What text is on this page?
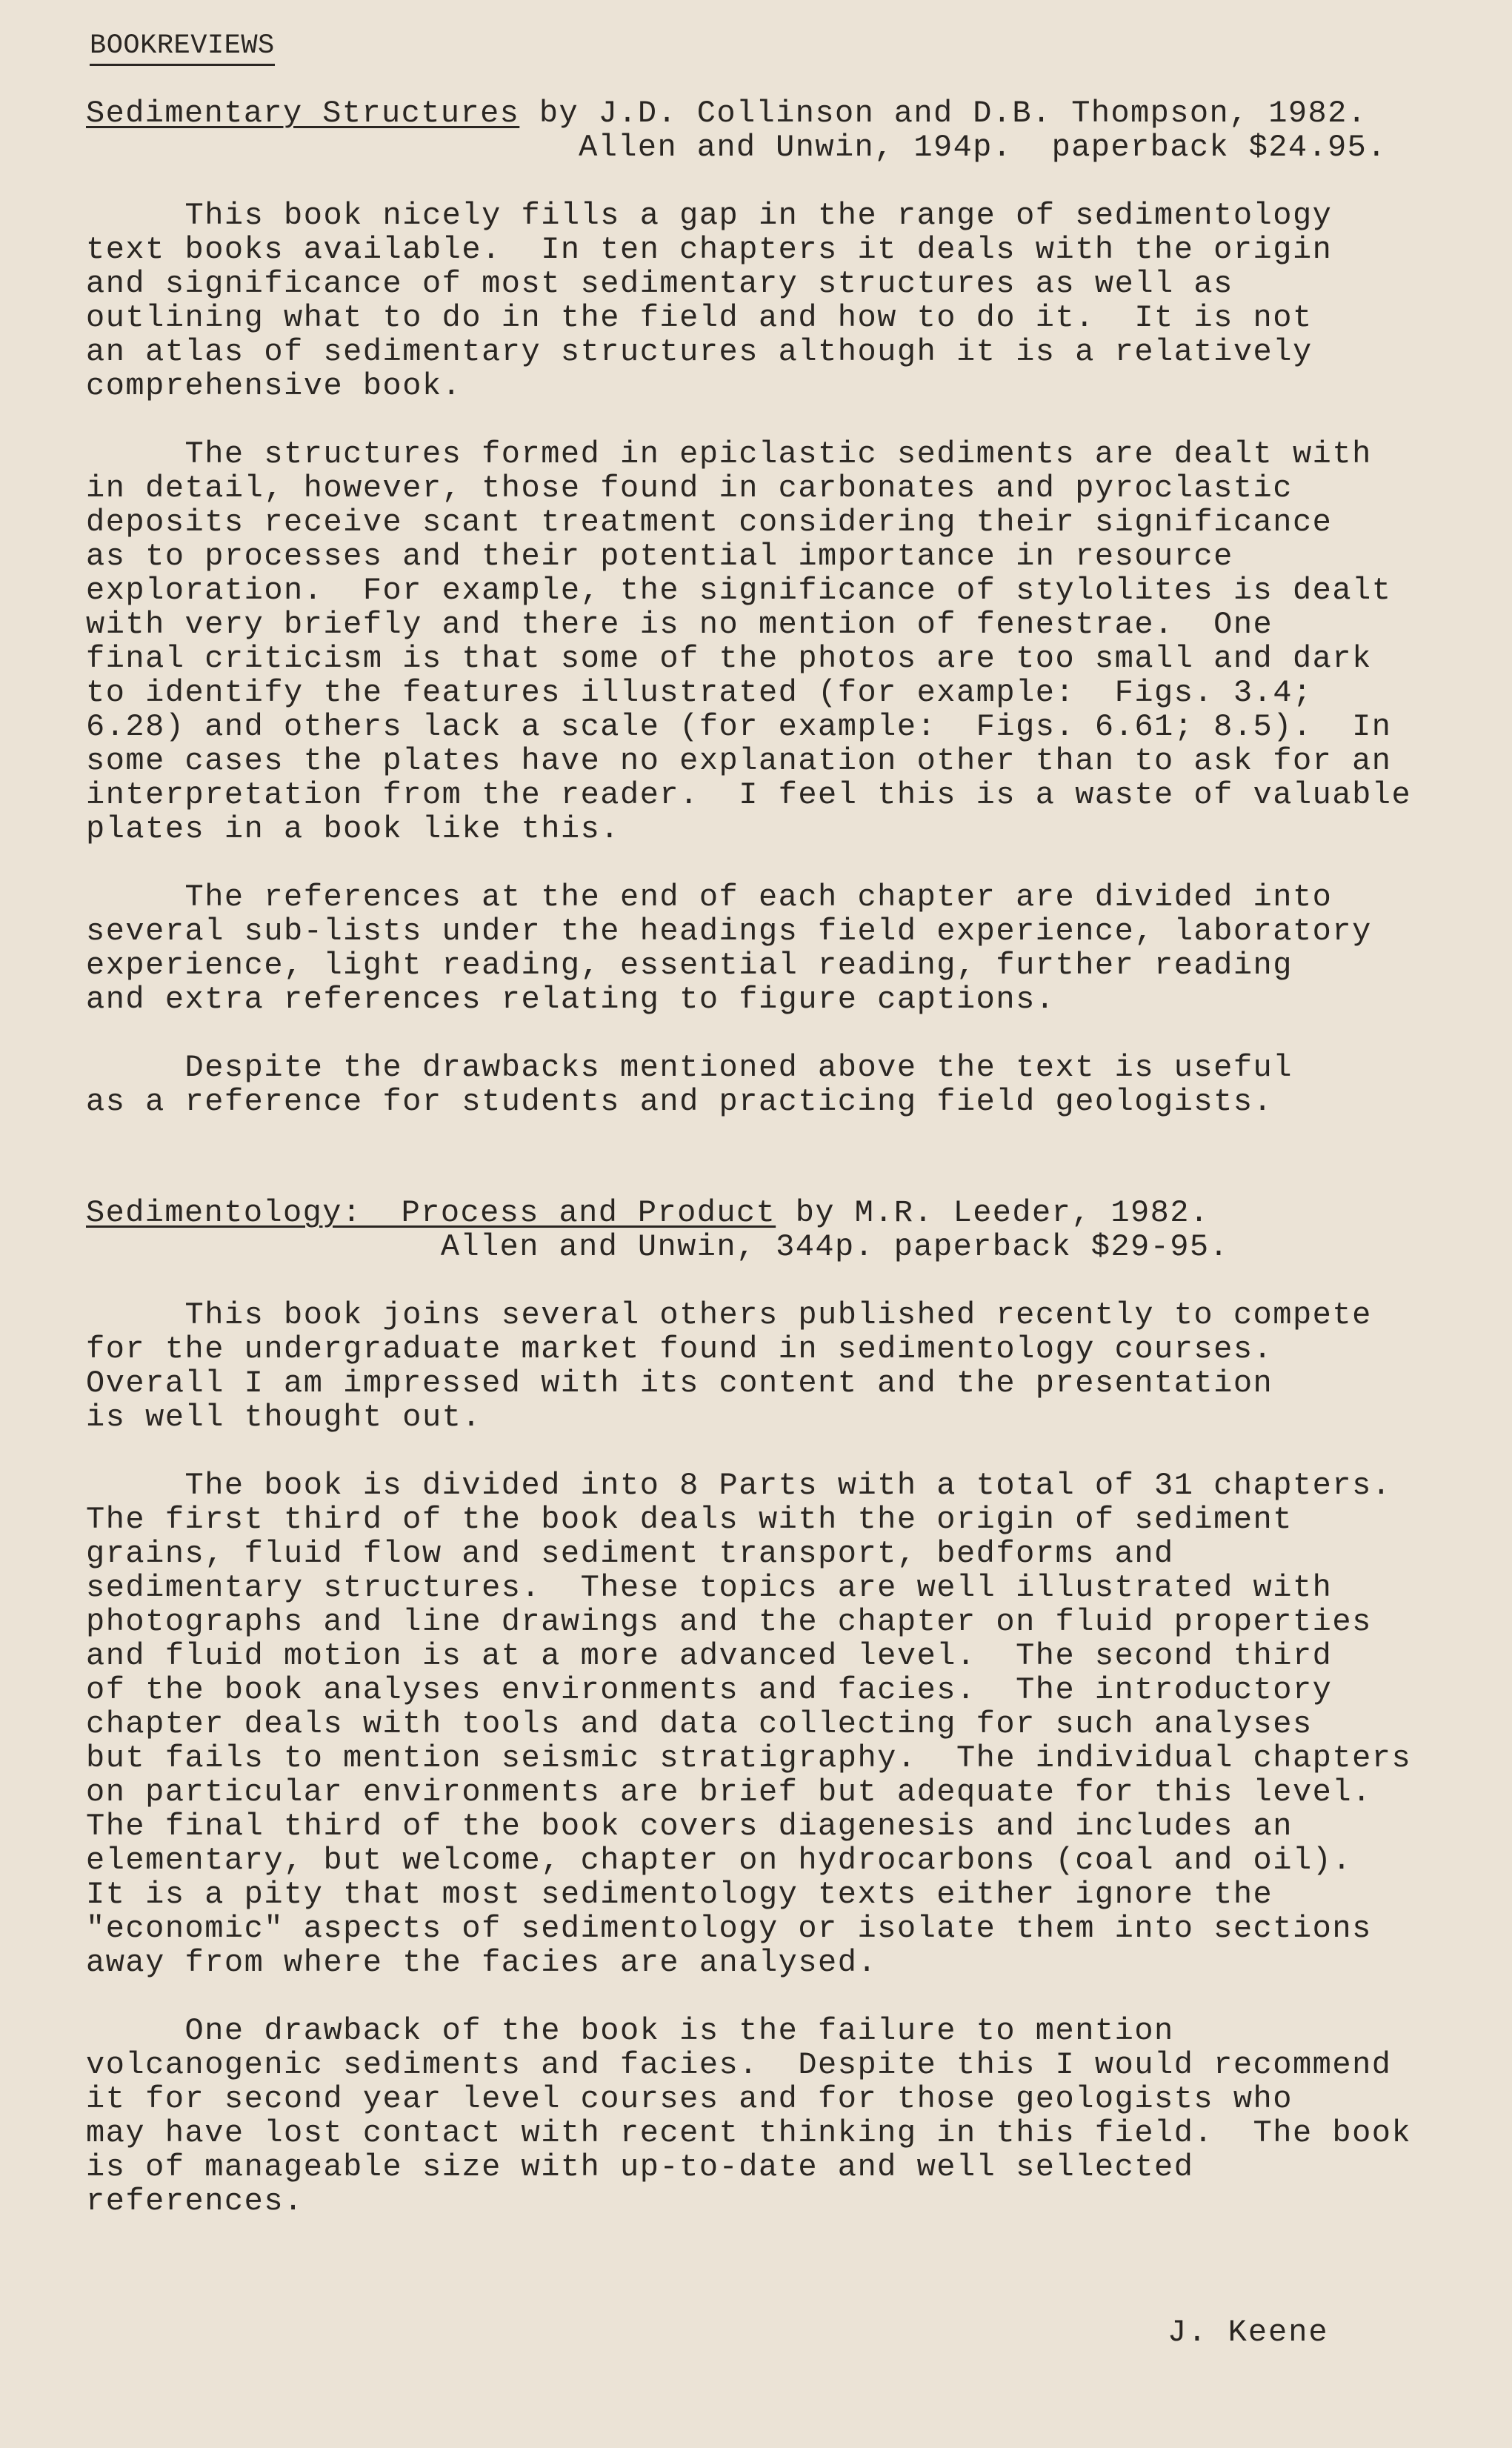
BOOKREVIEWS
Sedimentary Structures by J.D. Collinson and D.B. Thompson, 1982.
Allen and Unwin, 194p.  paperback $24.95.

This book nicely fills a gap in the range of sedimentology
text books available.  In ten chapters it deals with the origin
and significance of most sedimentary structures as well as
outlining what to do in the field and how to do it.  It is not
an atlas of sedimentary structures although it is a relatively
comprehensive book.

The structures formed in epiclastic sediments are dealt with
in detail, however, those found in carbonates and pyroclastic
deposits receive scant treatment considering their significance
as to processes and their potential importance in resource
exploration.  For example, the significance of stylolites is dealt
with very briefly and there is no mention of fenestrae.  One
final criticism is that some of the photos are too small and dark
to identify the features illustrated (for example:  Figs. 3.4;
6.28) and others lack a scale (for example:  Figs. 6.61; 8.5).  In
some cases the plates have no explanation other than to ask for an
interpretation from the reader.  I feel this is a waste of valuable
plates in a book like this.

The references at the end of each chapter are divided into
several sub-lists under the headings field experience, laboratory
experience, light reading, essential reading, further reading
and extra references relating to figure captions.

Despite the drawbacks mentioned above the text is useful
as a reference for students and practicing field geologists.

Sedimentology:  Process and Product by M.R. Leeder, 1982.
Allen and Unwin, 344p. paperback $29-95.

This book joins several others published recently to compete
for the undergraduate market found in sedimentology courses.
Overall I am impressed with its content and the presentation
is well thought out.

The book is divided into 8 Parts with a total of 31 chapters.
The first third of the book deals with the origin of sediment
grains, fluid flow and sediment transport, bedforms and
sedimentary structures.  These topics are well illustrated with
photographs and line drawings and the chapter on fluid properties
and fluid motion is at a more advanced level.  The second third
of the book analyses environments and facies.  The introductory
chapter deals with tools and data collecting for such analyses
but fails to mention seismic stratigraphy.  The individual chapters
on particular environments are brief but adequate for this level.
The final third of the book covers diagenesis and includes an
elementary, but welcome, chapter on hydrocarbons (coal and oil).
It is a pity that most sedimentology texts either ignore the
"economic" aspects of sedimentology or isolate them into sections
away from where the facies are analysed.

One drawback of the book is the failure to mention
volcanogenic sediments and facies.  Despite this I would recommend
it for second year level courses and for those geologists who
may have lost contact with recent thinking in this field.  The book
is of manageable size with up-to-date and well sellected
references.

J. Keene
